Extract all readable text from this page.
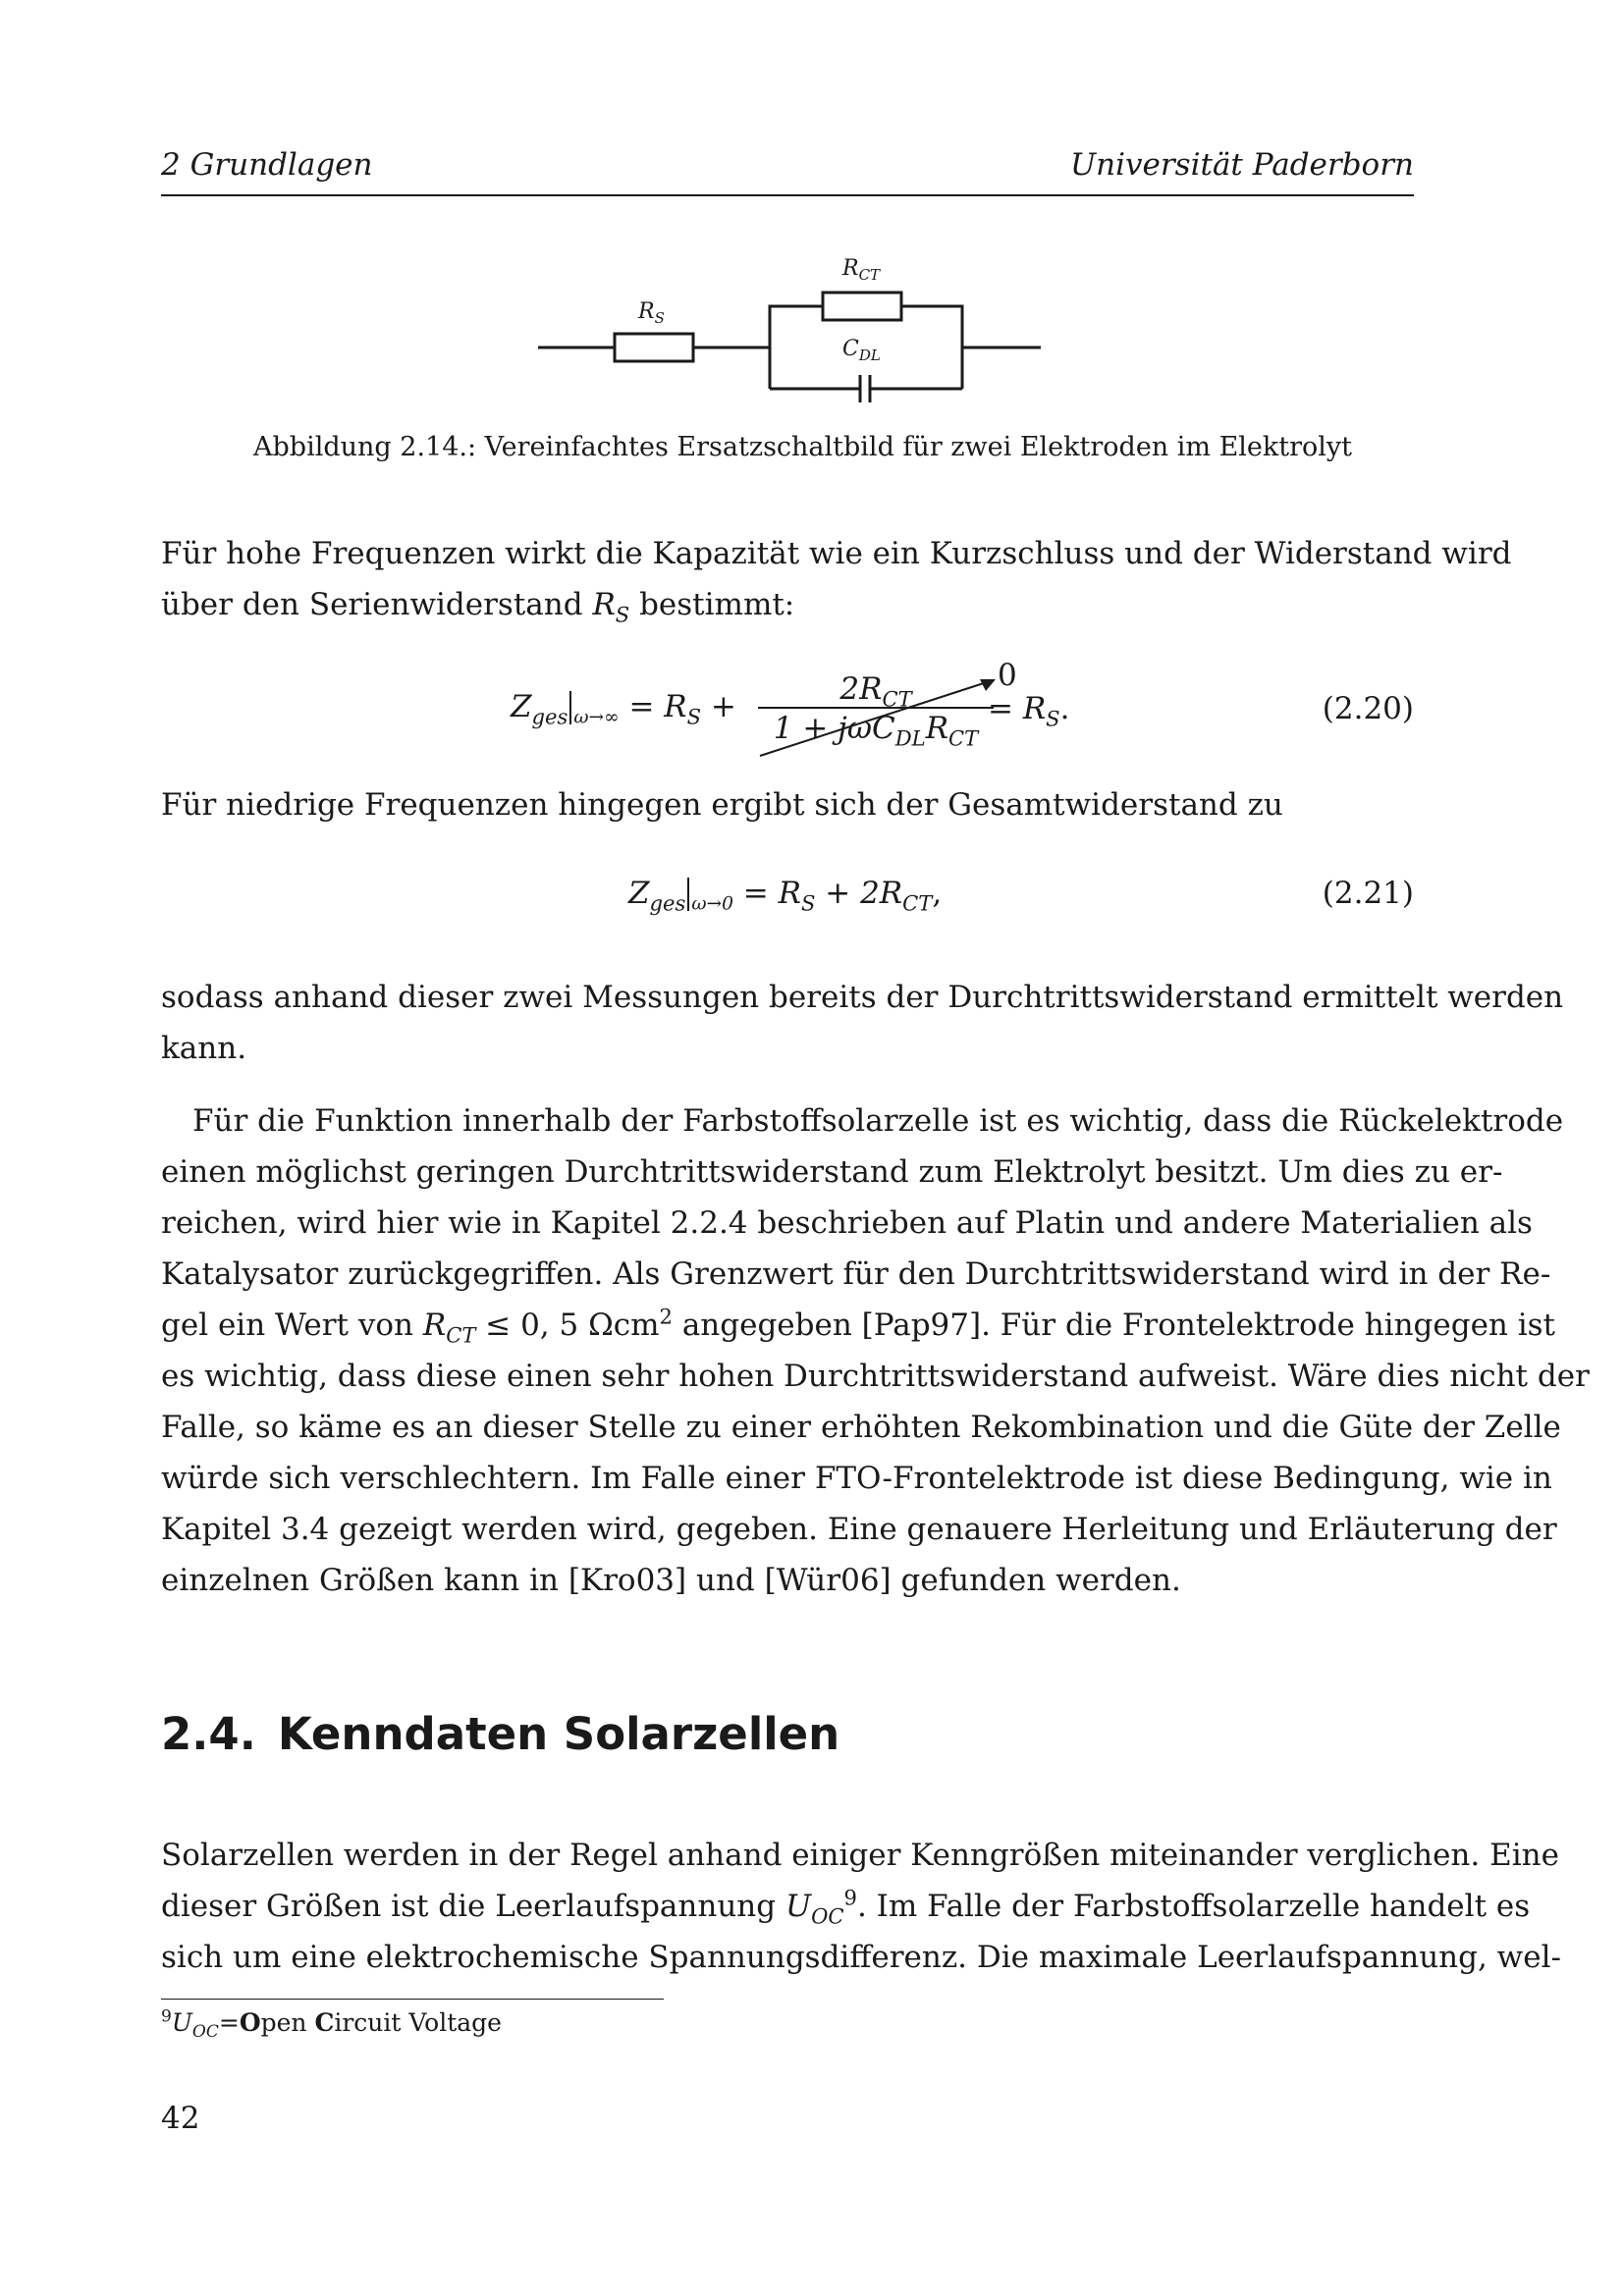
2 Grundlagen	Universität Paderborn
$R_S$
$R_{CT}$
$C_{DL}$
Abbildung 2.14.: Vereinfachtes Ersatzschaltbild für zwei Elektroden im Elektrolyt
Für hohe Frequenzen wirkt die Kapazität wie ein Kurzschluss und der Widerstand wird
über den Serienwiderstand $R_S$ bestimmt:
$Z_{ges}$ $_{\omega\to\infty} = R_S$ +	$2R_{CT}$
$1 + j\omega C_{DL}R_{CT}$
0
= $R_S$.	(2.20)
Für niedrige Frequenzen hingegen ergibt sich der Gesamtwiderstand zu
$Z_{ges}$ $_{\omega\to 0} = R_S + 2R_{CT}$,	(2.21)
sodass anhand dieser zwei Messungen bereits der Durchtrittswiderstand ermittelt werden
kann.
Für die Funktion innerhalb der Farbstoffsolarzelle ist es wichtig, dass die Rückelektrode
einen möglichst geringen Durchtrittswiderstand zum Elektrolyt besitzt. Um dies zu er-
reichen, wird hier wie in Kapitel 2.2.4 beschrieben auf Platin und andere Materialien als
Katalysator zurückgegriffen. Als Grenzwert für den Durchtrittswiderstand wird in der Re-
gel ein Wert von $R_{CT} \le 0$, 5 Ωcm$^2$ angegeben [Pap97]. Für die Frontelektrode hingegen ist
es wichtig, dass diese einen sehr hohen Durchtrittswiderstand aufweist. Wäre dies nicht der
Falle, so käme es an dieser Stelle zu einer erhöhten Rekombination und die Güte der Zelle
würde sich verschlechtern. Im Falle einer FTO-Frontelektrode ist diese Bedingung, wie in
Kapitel 3.4 gezeigt werden wird, gegeben. Eine genauere Herleitung und Erläuterung der
einzelnen Größen kann in [Kro03] und [Wür06] gefunden werden.
2.4. Kenndaten Solarzellen
Solarzellen werden in der Regel anhand einiger Kenngrößen miteinander verglichen. Eine
dieser Größen ist die Leerlaufspannung $U_{OC}^9$. Im Falle der Farbstoffsolarzelle handelt es
sich um eine elektrochemische Spannungsdifferenz. Die maximale Leerlaufspannung, wel-
$^9U_{OC}=Open$ Circuit Voltage
42
